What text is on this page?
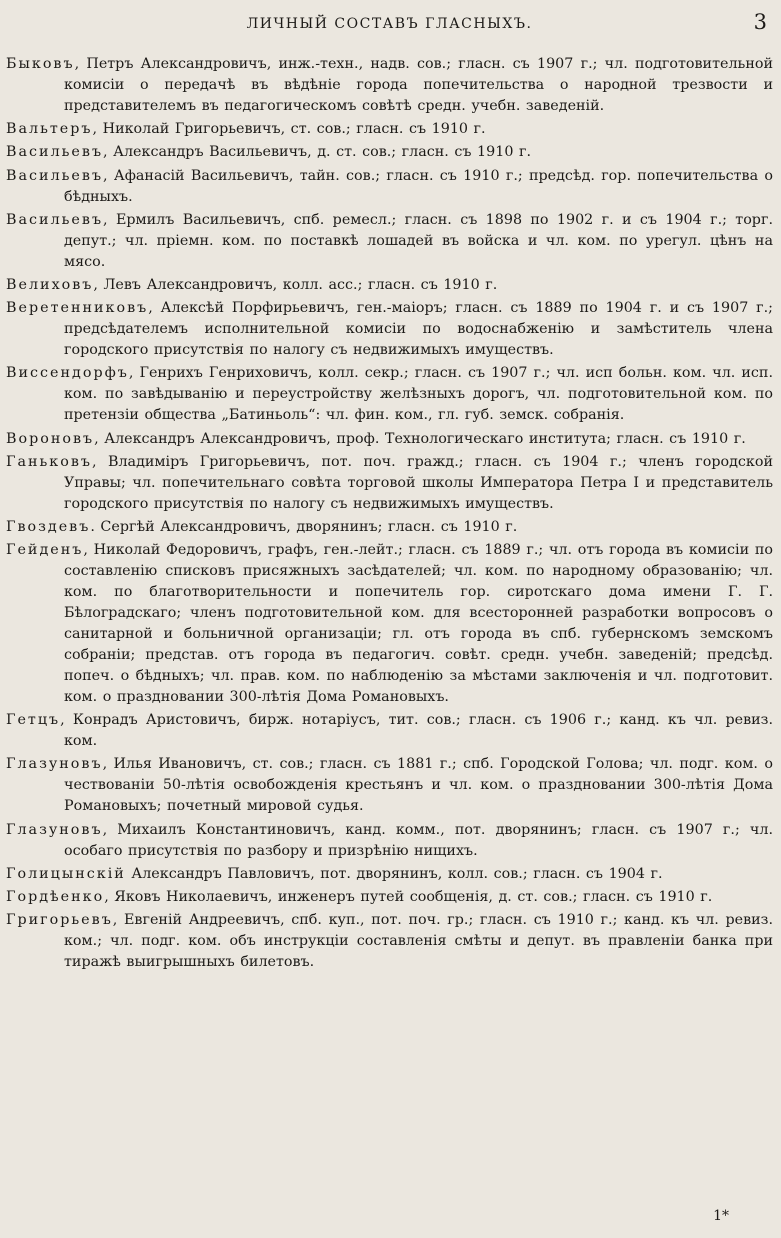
ЛИЧНЫЙ СОСТАВЪ ГЛАСНЫХЪ.	3

Быковъ, Петръ Александровичъ, инж.-техн., надв. сов.; гласн. съ 1907 г.; чл. подготовительной комисіи о передачѣ въ вѣдѣніе города попечительства о народной трезвости и представителемъ въ педагогическомъ совѣтѣ средн. учебн. заведеній.

Вальтеръ, Николай Григорьевичъ, ст. сов.; гласн. съ 1910 г.

Васильевъ, Александръ Васильевичъ, д. ст. сов.; гласн. съ 1910 г.

Васильевъ, Афанасій Васильевичъ, тайн. сов.; гласн. съ 1910 г.; предсѣд. гор. попечительства о бѣдныхъ.

Васильевъ, Ермилъ Васильевичъ, спб. ремесл.; гласн. съ 1898 по 1902 г. и съ 1904 г.; торг. депут.; чл. пріемн. ком. по поставкѣ лошадей въ войска и чл. ком. по урегул. цѣнъ на мясо.

Велиховъ, Левъ Александровичъ, колл. асс.; гласн. съ 1910 г.

Веретенниковъ, Алексѣй Порфирьевичъ, ген.-маіоръ; гласн. съ 1889 по 1904 г. и съ 1907 г.; предсѣдателемъ исполнительной комисіи по водоснабженію и замѣститель члена городского присутствія по налогу съ недвижимыхъ имуществъ.

Виссендорфъ, Генрихъ Генриховичъ, колл. секр.; гласн. съ 1907 г.; чл. исп больн. ком. чл. исп. ком. по завѣдыванію и переустройству желѣзныхъ дорогъ, чл. подготовительной ком. по претензіи общества „Батиньоль“: чл. фин. ком., гл. губ. земск. собранія.

Вороновъ, Александръ Александровичъ, проф. Технологическаго института; гласн. съ 1910 г.

Ганьковъ, Владиміръ Григорьевичъ, пот. поч. гражд.; гласн. съ 1904 г.; членъ городской Управы; чл. попечительнаго совѣта торговой школы Императора Петра I и представитель городского присутствія по налогу съ недвижимыхъ имуществъ.

Гвоздевъ. Сергѣй Александровичъ, дворянинъ; гласн. съ 1910 г.

Гейденъ, Николай Федоровичъ, графъ, ген.-лейт.; гласн. съ 1889 г.; чл. отъ города въ комисіи по составленію списковъ присяжныхъ засѣдателей; чл. ком. по народному образованію; чл. ком. по благотворительности и попечитель гор. сиротскаго дома имени Г. Г. Бѣлоградскаго; членъ подготовительной ком. для всесторонней разработки вопросовъ о санитарной и больничной организаціи; гл. отъ города въ спб. губернскомъ земскомъ собраніи; представ. отъ города въ педагогич. совѣт. средн. учебн. заведеній; предсѣд. попеч. о бѣдныхъ; чл. прав. ком. по наблюденію за мѣстами заключенія и чл. подготовит. ком. о праздновании 300-лѣтія Дома Романовыхъ.

Гетцъ, Конрадъ Аристовичъ, бирж. нотаріусъ, тит. сов.; гласн. съ 1906 г.; канд. къ чл. ревиз. ком.

Глазуновъ, Илья Ивановичъ, ст. сов.; гласн. съ 1881 г.; спб. Городской Голова; чл. подг. ком. о чествованіи 50-лѣтія освобожденія крестьянъ и чл. ком. о праздновании 300-лѣтія Дома Романовыхъ; почетный мировой судья.

Глазуновъ, Михаилъ Константиновичъ, канд. комм., пот. дворянинъ; гласн. съ 1907 г.; чл. особаго присутствія по разбору и призрѣнію нищихъ.

Голицынскій Александръ Павловичъ, пот. дворянинъ, колл. сов.; гласн. съ 1904 г.

Гордѣенко, Яковъ Николаевичъ, инженеръ путей сообщенія, д. ст. сов.; гласн. съ 1910 г.

Григорьевъ, Евгеній Андреевичъ, спб. куп., пот. поч. гр.; гласн. съ 1910 г.; канд. къ чл. ревиз. ком.; чл. подг. ком. объ инструкціи составленія смѣты и депут. въ правленіи банка при тиражѣ выигрышныхъ билетовъ.

1*
